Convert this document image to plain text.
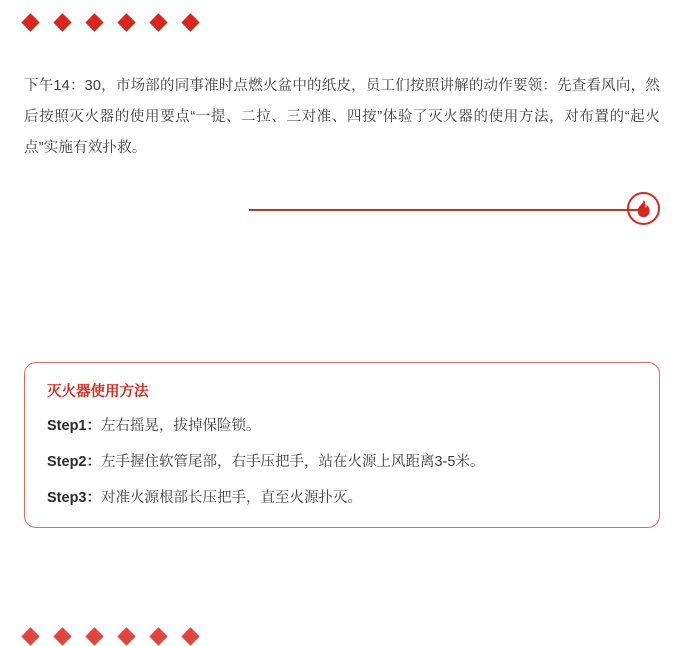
下午14：30，市场部的同事准时点燃火盆中的纸皮，员工们按照讲解的动作要领：先查看风向，然后按照灭火器的使用要点“一提、二拉、三对准、四按”体验了灭火器的使用方法，对布置的“起火点”实施有效扑救。

灭火器使用方法
Step1：左右摇晃，拔掉保险锁。
Step2：左手握住软管尾部，右手压把手，站在火源上风距离3-5米。
Step3：对准火源根部长压把手，直至火源扑灭。
